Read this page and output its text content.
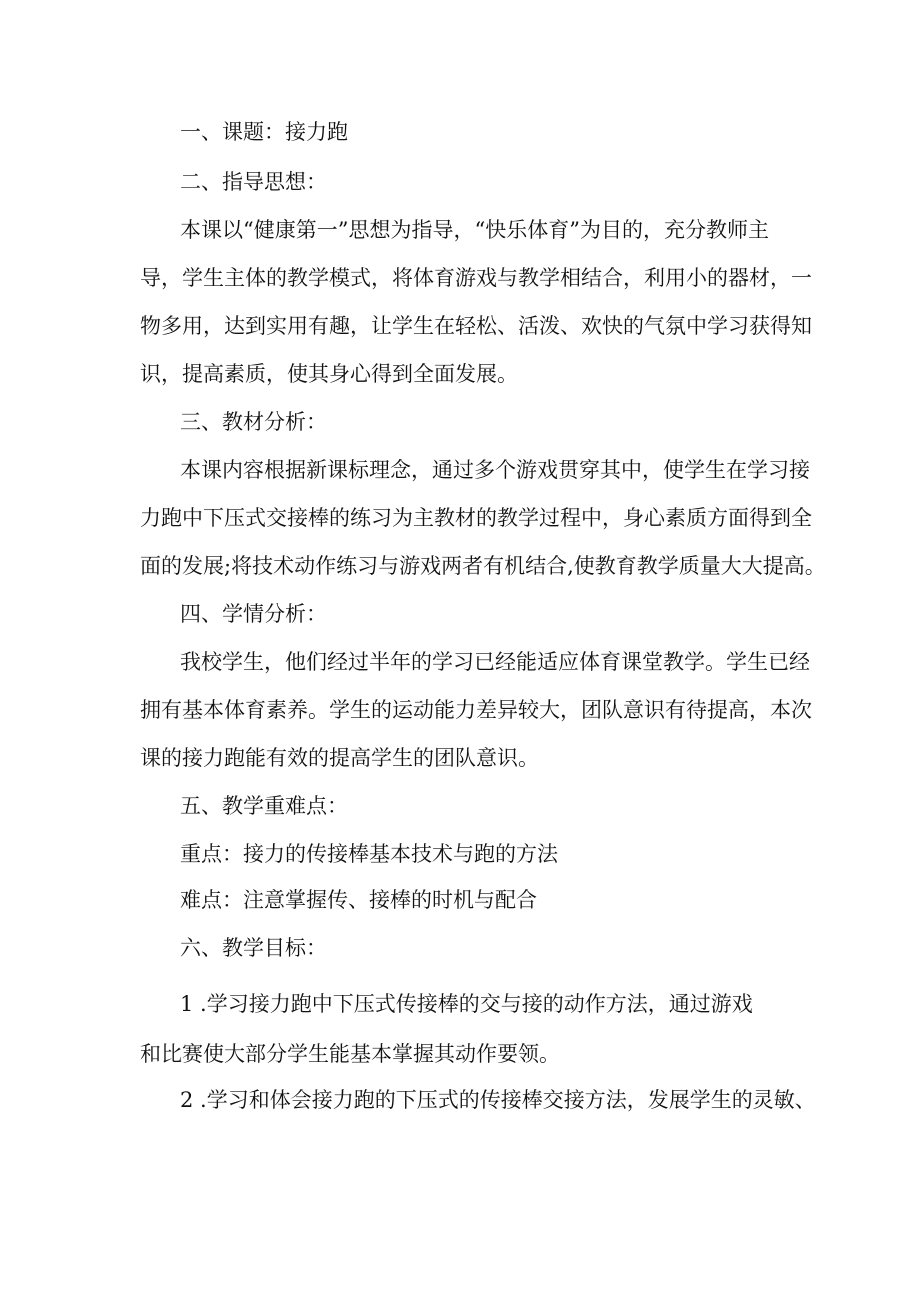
一、课题：接力跑
二、指导思想：
本课以“健康第一”思想为指导，“快乐体育”为目的，充分教师主
导，学生主体的教学模式，将体育游戏与教学相结合，利用小的器材，一
物多用，达到实用有趣，让学生在轻松、活泼、欢快的气氛中学习获得知
识，提高素质，使其身心得到全面发展。
三、教材分析：
本课内容根据新课标理念，通过多个游戏贯穿其中，使学生在学习接
力跑中下压式交接棒的练习为主教材的教学过程中，身心素质方面得到全
面的发展;将技术动作练习与游戏两者有机结合,使教育教学质量大大提高。
四、学情分析：
我校学生，他们经过半年的学习已经能适应体育课堂教学。学生已经
拥有基本体育素养。学生的运动能力差异较大，团队意识有待提高，本次
课的接力跑能有效的提高学生的团队意识。
五、教学重难点：
重点：接力的传接棒基本技术与跑的方法
难点：注意掌握传、接棒的时机与配合
六、教学目标：
1 .学习接力跑中下压式传接棒的交与接的动作方法，通过游戏
和比赛使大部分学生能基本掌握其动作要领。
2 .学习和体会接力跑的下压式的传接棒交接方法，发展学生的灵敏、
